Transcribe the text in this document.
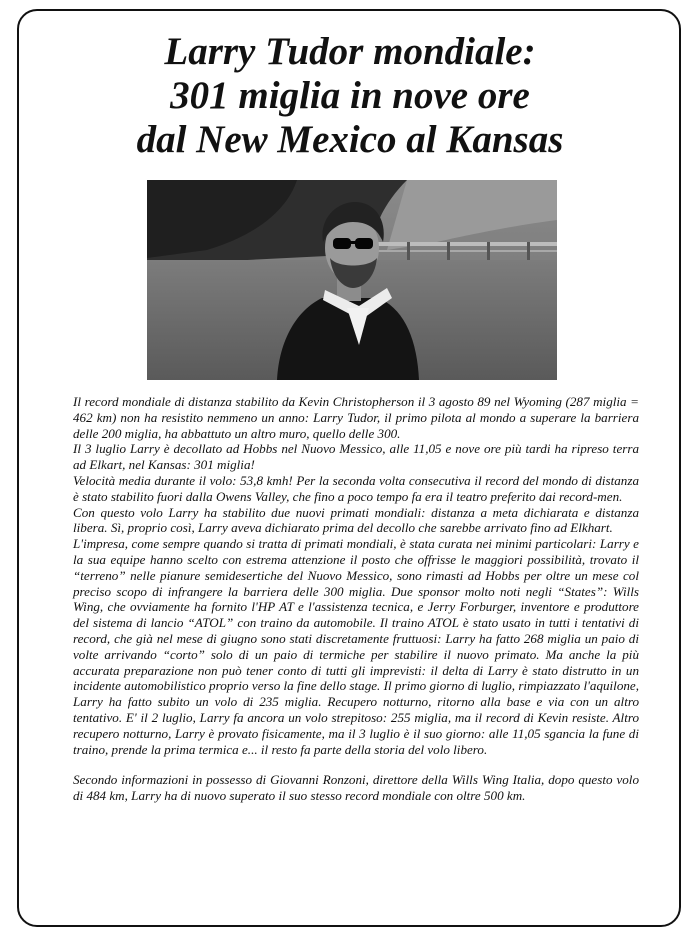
Larry Tudor mondiale:
301 miglia in nove ore
dal New Mexico al Kansas

Il record mondiale di distanza stabilito da Kevin Christopherson il 3 agosto 89 nel Wyoming (287 miglia = 462 km) non ha resistito nemmeno un anno: Larry Tudor, il primo pilota al mondo a superare la barriera delle 200 miglia, ha abbattuto un altro muro, quello delle 300.

Il 3 luglio Larry è decollato ad Hobbs nel Nuovo Messico, alle 11,05 e nove ore più tardi ha ripreso terra ad Elkart, nel Kansas: 301 miglia!

Velocità media durante il volo: 53,8 kmh! Per la seconda volta consecutiva il record del mondo di distanza è stato stabilito fuori dalla Owens Valley, che fino a poco tempo fa era il teatro preferito dai record-men.

Con questo volo Larry ha stabilito due nuovi primati mondiali: distanza a meta dichiarata e distanza libera. Sì, proprio così, Larry aveva dichiarato prima del decollo che sarebbe arrivato fino ad Elkhart.

L'impresa, come sempre quando si tratta di primati mondiali, è stata curata nei minimi particolari: Larry e la sua equipe hanno scelto con estrema attenzione il posto che offrisse le maggiori possibilità, trovato il “terreno” nelle pianure semidesertiche del Nuovo Messico, sono rimasti ad Hobbs per oltre un mese col preciso scopo di infrangere la barriera delle 300 miglia. Due sponsor molto noti negli “States”: Wills Wing, che ovviamente ha fornito l'HP AT e l'assistenza tecnica, e Jerry Forburger, inventore e produttore del sistema di lancio “ATOL” con traino da automobile. Il traino ATOL è stato usato in tutti i tentativi di record, che già nel mese di giugno sono stati discretamente fruttuosi: Larry ha fatto 268 miglia un paio di volte arrivando “corto” solo di un paio di termiche per stabilire il nuovo primato. Ma anche la più accurata preparazione non può tener conto di tutti gli imprevisti: il delta di Larry è stato distrutto in un incidente automobilistico proprio verso la fine dello stage. Il primo giorno di luglio, rimpiazzato l'aquilone, Larry ha fatto subito un volo di 235 miglia. Recupero notturno, ritorno alla base e via con un altro tentativo. E' il 2 luglio, Larry fa ancora un volo strepitoso: 255 miglia, ma il record di Kevin resiste. Altro recupero notturno, Larry è provato fisicamente, ma il 3 luglio è il suo giorno: alle 11,05 sgancia la fune di traino, prende la prima termica e... il resto fa parte della storia del volo libero.

Secondo informazioni in possesso di Giovanni Ronzoni, direttore della Wills Wing Italia, dopo questo volo di 484 km, Larry ha di nuovo superato il suo stesso record mondiale con oltre 500 km.
